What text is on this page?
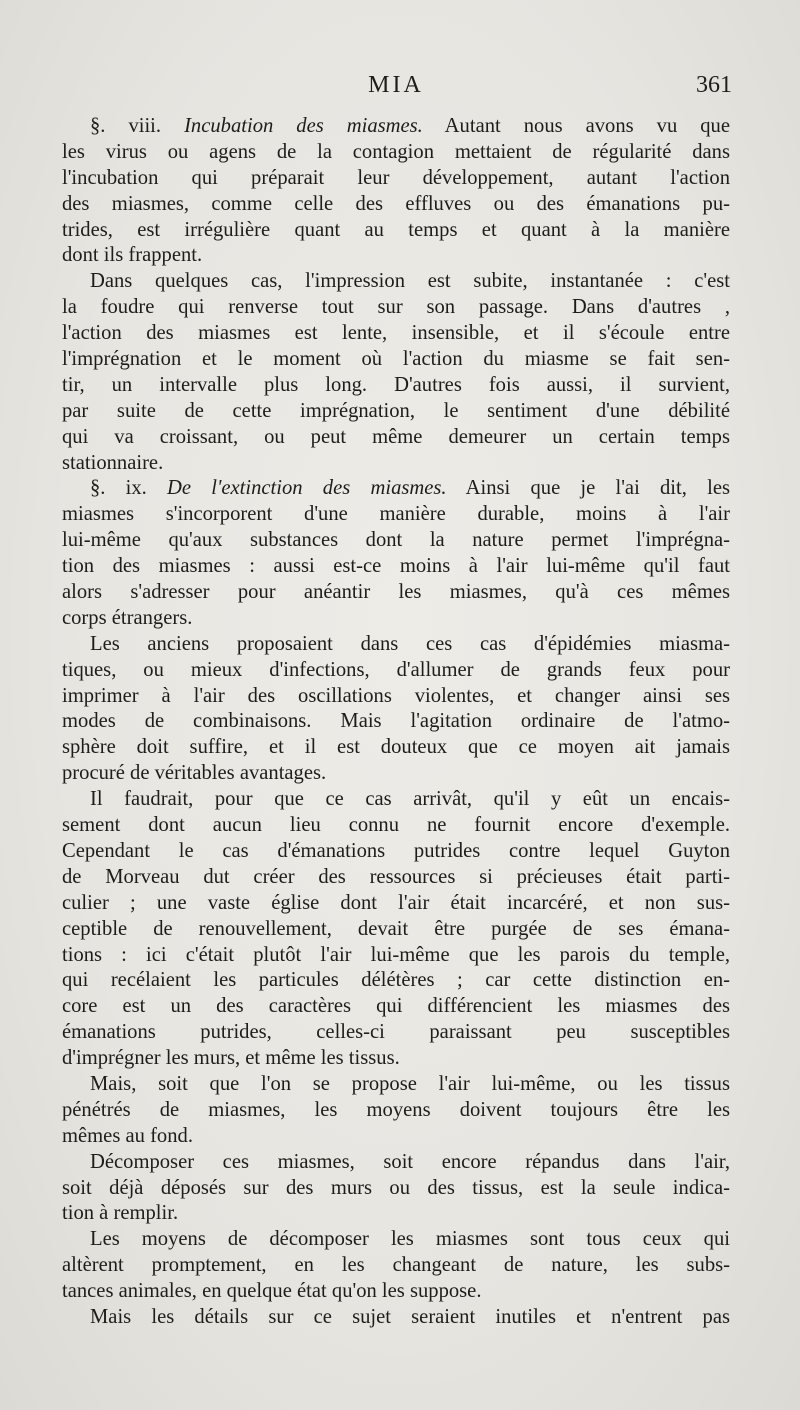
MIA	361
§. viii. Incubation des miasmes. Autant nous avons vu que
les virus ou agens de la contagion mettaient de régularité dans
l'incubation qui préparait leur développement, autant l'action
des miasmes, comme celle des effluves ou des émanations pu-
trides, est irrégulière quant au temps et quant à la manière
dont ils frappent.
Dans quelques cas, l'impression est subite, instantanée : c'est
la foudre qui renverse tout sur son passage. Dans d'autres ,
l'action des miasmes est lente, insensible, et il s'écoule entre
l'imprégnation et le moment où l'action du miasme se fait sen-
tir, un intervalle plus long. D'autres fois aussi, il survient,
par suite de cette imprégnation, le sentiment d'une débilité
qui va croissant, ou peut même demeurer un certain temps
stationnaire.
§. ix. De l'extinction des miasmes. Ainsi que je l'ai dit, les
miasmes s'incorporent d'une manière durable, moins à l'air
lui-même qu'aux substances dont la nature permet l'imprégna-
tion des miasmes : aussi est-ce moins à l'air lui-même qu'il faut
alors s'adresser pour anéantir les miasmes, qu'à ces mêmes
corps étrangers.
Les anciens proposaient dans ces cas d'épidémies miasma-
tiques, ou mieux d'infections, d'allumer de grands feux pour
imprimer à l'air des oscillations violentes, et changer ainsi ses
modes de combinaisons. Mais l'agitation ordinaire de l'atmo-
sphère doit suffire, et il est douteux que ce moyen ait jamais
procuré de véritables avantages.
Il faudrait, pour que ce cas arrivât, qu'il y eût un encais-
sement dont aucun lieu connu ne fournit encore d'exemple.
Cependant le cas d'émanations putrides contre lequel Guyton
de Morveau dut créer des ressources si précieuses était parti-
culier ; une vaste église dont l'air était incarcéré, et non sus-
ceptible de renouvellement, devait être purgée de ses émana-
tions : ici c'était plutôt l'air lui-même que les parois du temple,
qui recélaient les particules délétères ; car cette distinction en-
core est un des caractères qui différencient les miasmes des
émanations putrides, celles-ci paraissant peu susceptibles
d'imprégner les murs, et même les tissus.
Mais, soit que l'on se propose l'air lui-même, ou les tissus
pénétrés de miasmes, les moyens doivent toujours être les
mêmes au fond.
Décomposer ces miasmes, soit encore répandus dans l'air,
soit déjà déposés sur des murs ou des tissus, est la seule indica-
tion à remplir.
Les moyens de décomposer les miasmes sont tous ceux qui
altèrent promptement, en les changeant de nature, les subs-
tances animales, en quelque état qu'on les suppose.
Mais les détails sur ce sujet seraient inutiles et n'entrent pas
